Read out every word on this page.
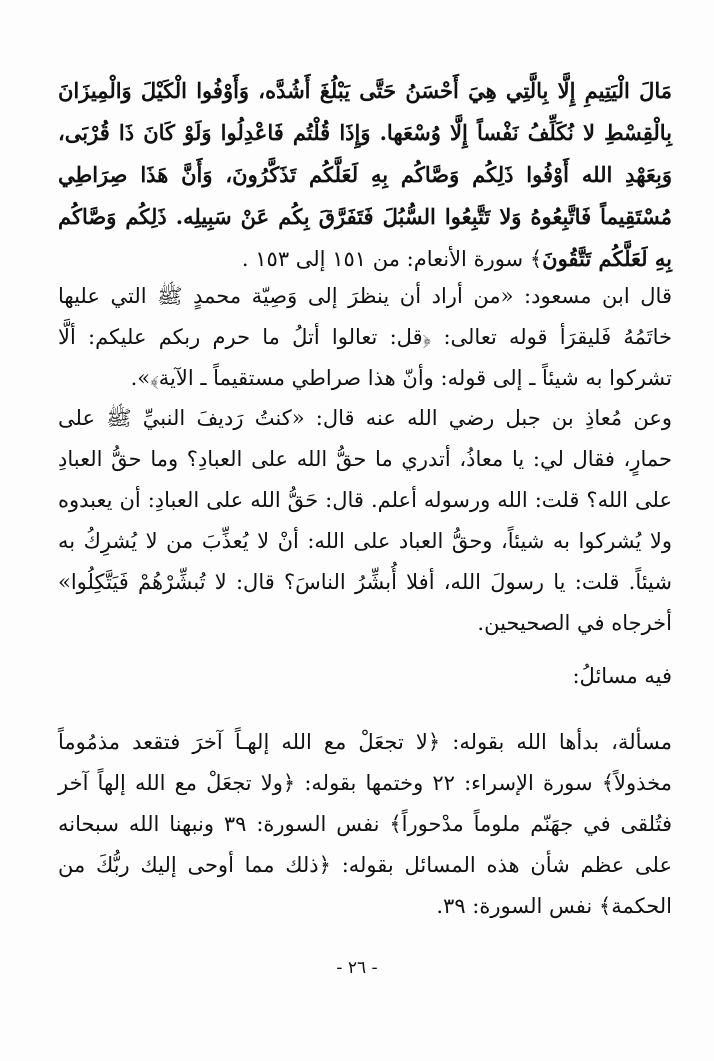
مَالَ الْيَتِيمِ إِلَّا بِالَّتِي هِيَ أَحْسَنُ حَتَّى يَبْلُغَ أَشُدَّه، وَأَوْفُوا الْكَيْلَ وَالْمِيزَانَ بِالْقِسْطِ لا نُكَلِّفُ نَفْساً إِلَّا وُسْعَها. وَإِذَا قُلْتُم فَاعْدِلُوا وَلَوْ كَانَ ذَا قُرْبَى، وَبِعَهْدِ الله أَوْفُوا ذَلِكُم وَصَّاكُم بِهِ لَعَلَّكُم تَذَكَّرُونَ، وَأَنَّ هَذَا صِرَاطِي مُسْتَقِيماً فَاتَّبِعُوهُ وَلا تَتَّبِعُوا السُّبُلَ فَتَفَرَّقَ بِكُم عَنْ سَبِيلِه. ذَلِكُم وَصَّاكُم بِهِ لَعَلَّكُم تَتَّقُونَ﴾ سورة الأنعام: من ١٥١ إلى ١٥٣ .

قال ابن مسعود: «من أراد أن ينظرَ إلى وَصِيّة محمدٍ ﷺ التي عليها خاتَمُهُ فَليقرَأ قوله تعالى: ﴿قل: تعالوا أتلُ ما حرم ربكم عليكم: ألَّا تشركوا به شيئاً ـ إلى قوله: وأنّ هذا صراطي مستقيماً ـ الآية﴾».

وعن مُعاذِ بن جبل رضي الله عنه قال: «كنتُ رَديفَ النبيِّ ﷺ على حمارٍ، فقال لي: يا معاذُ، أتدري ما حقُّ الله على العبادِ؟ وما حقُّ العبادِ على الله؟ قلت: الله ورسوله أعلم. قال: حَقُّ الله على العبادِ: أن يعبدوه ولا يُشركوا به شيئاً، وحقُّ العباد على الله: أنْ لا يُعذِّبَ من لا يُشرِكُ به شيئاً. قلت: يا رسولَ الله، أفلا أُبشِّرُ الناسَ؟ قال: لا تُبشِّرْهُمْ فَيَتَّكِلُوا» أخرجاه في الصحيحين.

فيه مسائلُ:

مسألة، بدأها الله بقوله: ﴿لا تجعَلْ مع الله إلهـاً آخرَ فتقعد مذمُوماً مخذولاً﴾ سورة الإسراء: ٢٢ وختمها بقوله: ﴿ولا تجعَلْ مع الله إلهاً آخر فتُلقى في جهَنّم ملوماً مدْحوراً﴾ نفس السورة: ٣٩ ونبهنا الله سبحانه على عظم شأن هذه المسائل بقوله: ﴿ذلك مما أوحى إليك ربُّكَ من الحكمة﴾ نفس السورة: ٣٩.

- ٢٦ -
